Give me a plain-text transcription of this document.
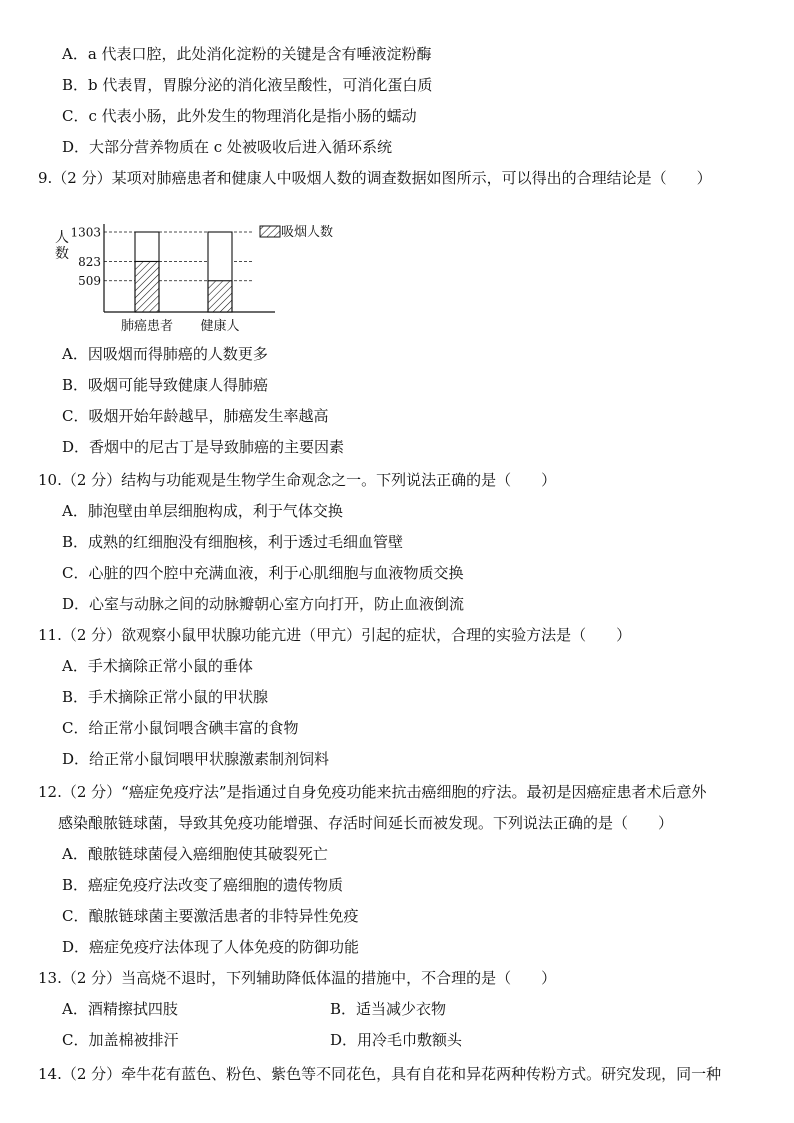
A．a 代表口腔，此处消化淀粉的关键是含有唾液淀粉酶
B．b 代表胃，胃腺分泌的消化液呈酸性，可消化蛋白质
C．c 代表小肠，此外发生的物理消化是指小肠的蠕动
D．大部分营养物质在 c 处被吸收后进入循环系统
9.（2 分）某项对肺癌患者和健康人中吸烟人数的调查数据如图所示，可以得出的合理结论是（　　）
人
数
1303
823
509
肺癌患者 健康人
吸烟人数
A．因吸烟而得肺癌的人数更多
B．吸烟可能导致健康人得肺癌
C．吸烟开始年龄越早，肺癌发生率越高
D．香烟中的尼古丁是导致肺癌的主要因素
10.（2 分）结构与功能观是生物学生命观念之一。下列说法正确的是（　　）
A．肺泡壁由单层细胞构成，利于气体交换
B．成熟的红细胞没有细胞核，利于透过毛细血管壁
C．心脏的四个腔中充满血液，利于心肌细胞与血液物质交换
D．心室与动脉之间的动脉瓣朝心室方向打开，防止血液倒流
11.（2 分）欲观察小鼠甲状腺功能亢进（甲亢）引起的症状，合理的实验方法是（　　）
A．手术摘除正常小鼠的垂体
B．手术摘除正常小鼠的甲状腺
C．给正常小鼠饲喂含碘丰富的食物
D．给正常小鼠饲喂甲状腺激素制剂饲料
12.（2 分）“癌症免疫疗法”是指通过自身免疫功能来抗击癌细胞的疗法。最初是因癌症患者术后意外
感染酿脓链球菌，导致其免疫功能增强、存活时间延长而被发现。下列说法正确的是（　　）
A．酿脓链球菌侵入癌细胞使其破裂死亡
B．癌症免疫疗法改变了癌细胞的遗传物质
C．酿脓链球菌主要激活患者的非特异性免疫
D．癌症免疫疗法体现了人体免疫的防御功能
13.（2 分）当高烧不退时，下列辅助降低体温的措施中，不合理的是（　　）
A．酒精擦拭四肢	B．适当减少衣物
C．加盖棉被排汗	D．用冷毛巾敷额头
14.（2 分）牵牛花有蓝色、粉色、紫色等不同花色，具有自花和异花两种传粉方式。研究发现，同一种
